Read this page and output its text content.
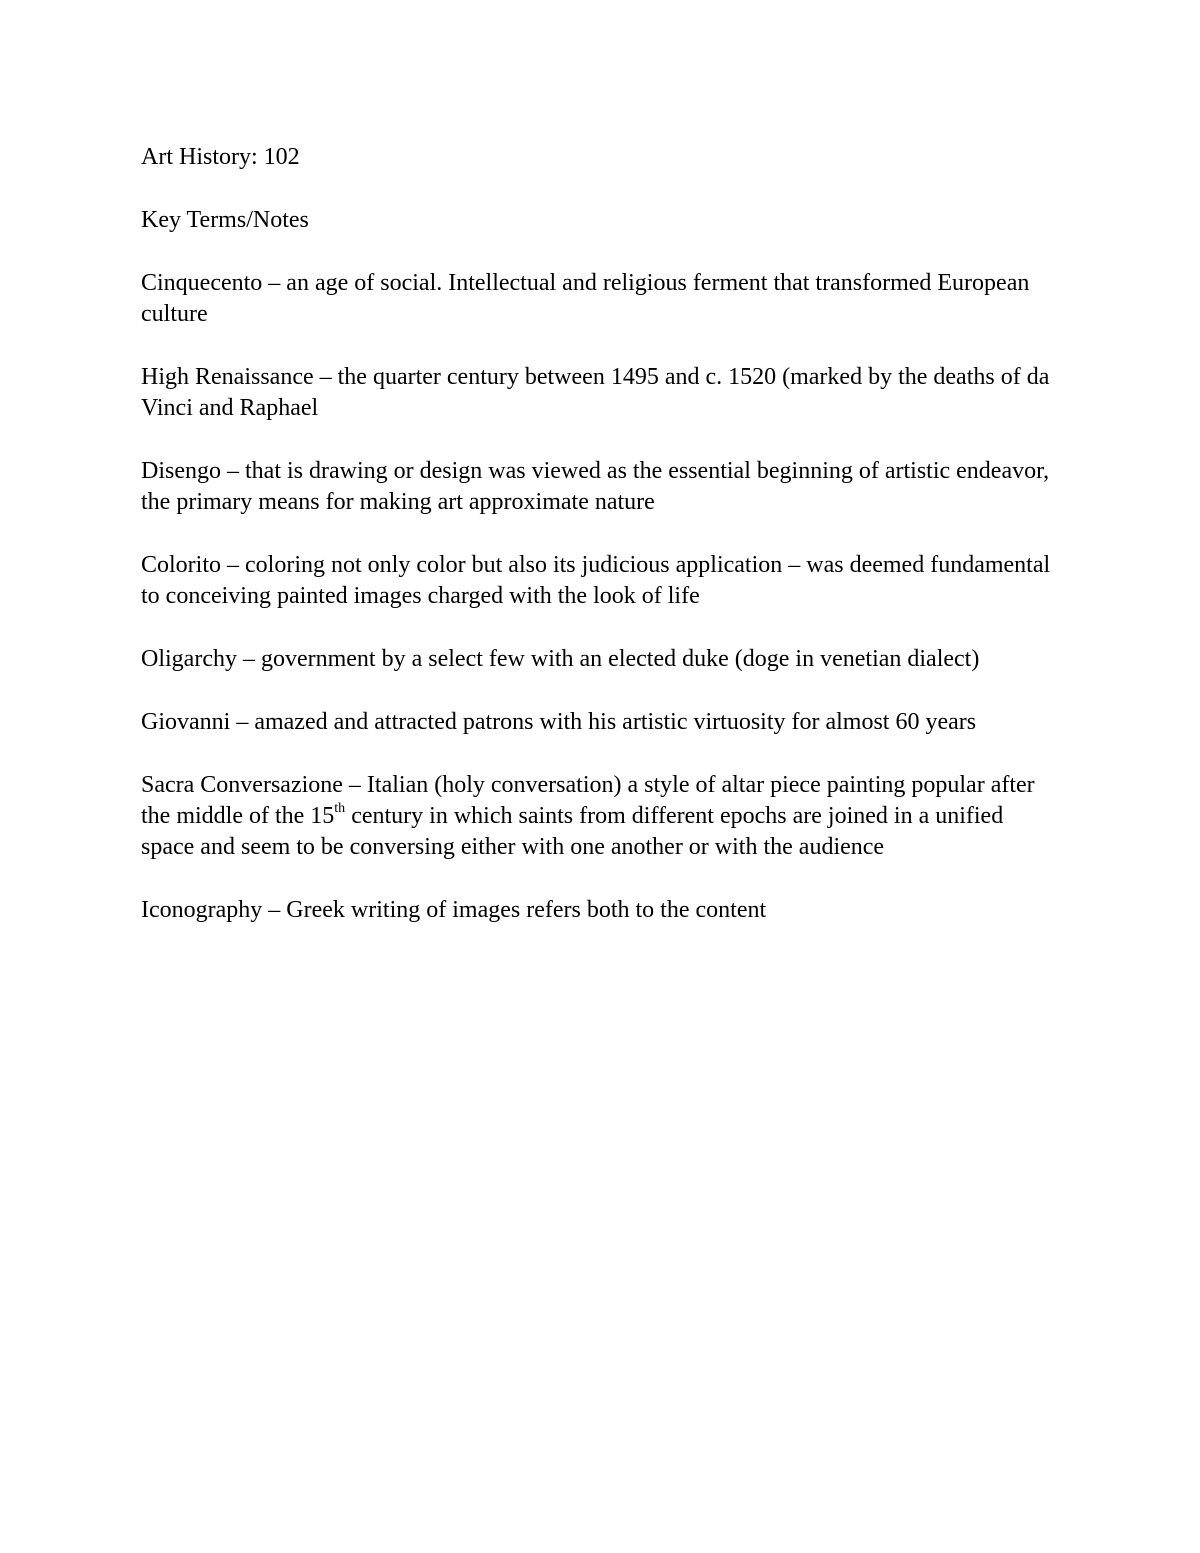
Art History: 102
Key Terms/Notes
Cinquecento – an age of social. Intellectual and religious ferment that transformed European culture
High Renaissance – the quarter century between 1495 and c. 1520 (marked by the deaths of da Vinci and Raphael
Disengo – that is drawing or design was viewed as the essential beginning of artistic endeavor, the primary means for making art approximate nature
Colorito – coloring not only color but also its judicious application – was deemed fundamental to conceiving painted images charged with the look of life
Oligarchy – government by a select few with an elected duke (doge in venetian dialect)
Giovanni – amazed and attracted patrons with his artistic virtuosity for almost 60 years
Sacra Conversazione – Italian (holy conversation) a style of altar piece painting popular after the middle of the 15th century in which saints from different epochs are joined in a unified space and seem to be conversing either with one another or with the audience
Iconography – Greek writing of images refers both to the content
